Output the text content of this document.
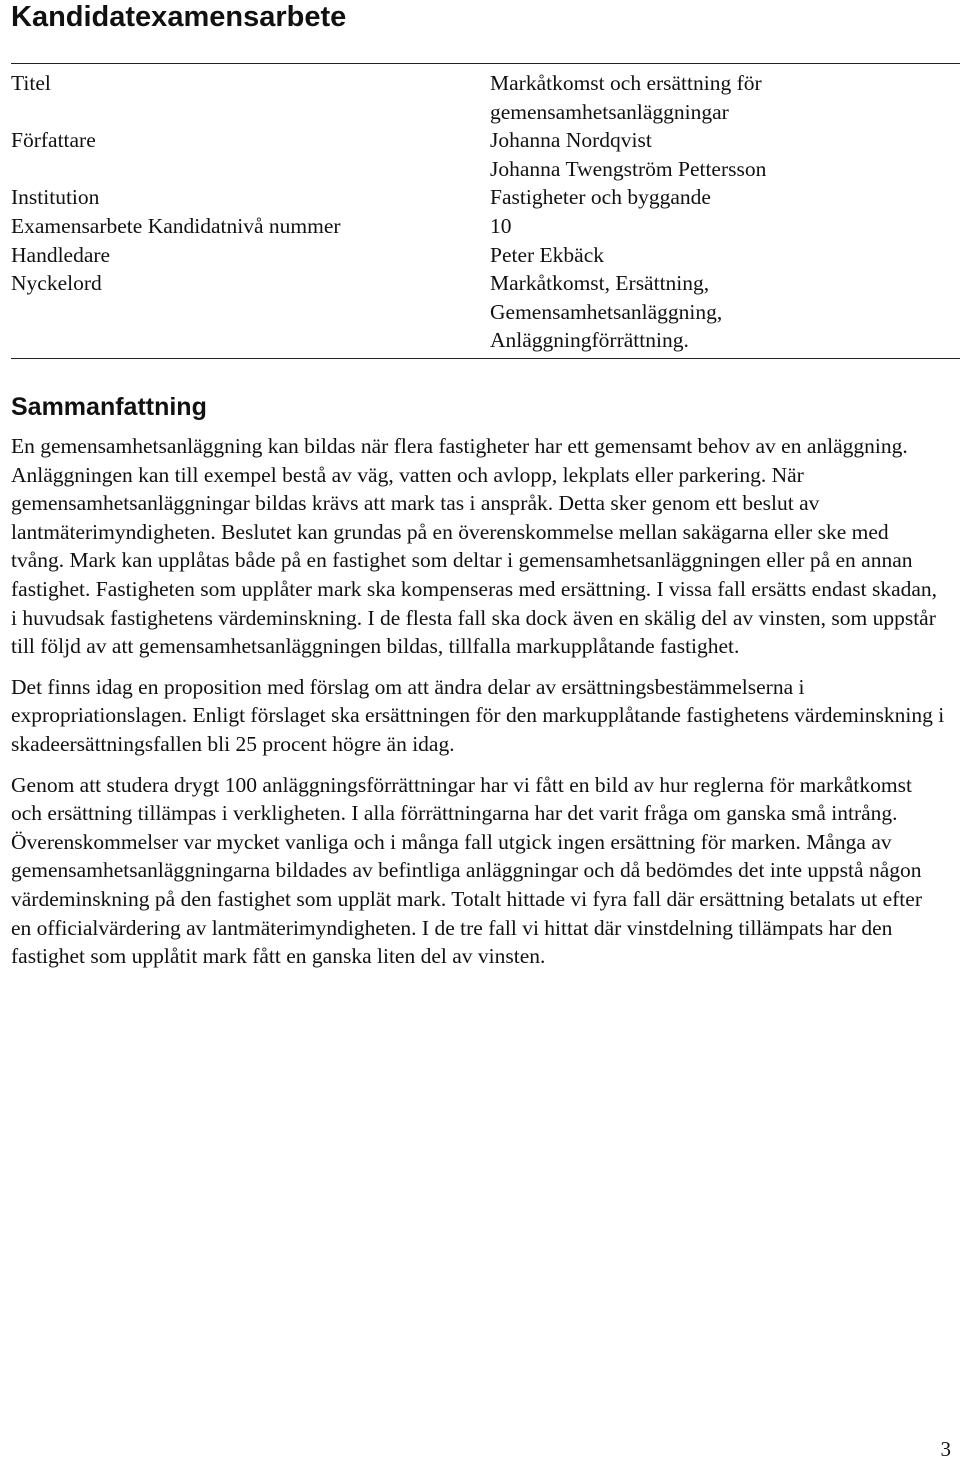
Kandidatexamensarbete
Titel	Markåtkomst och ersättning för
gemensamhetsanläggningar
Författare	Johanna Nordqvist
Johanna Twengström Pettersson
Institution	Fastigheter och byggande
Examensarbete Kandidatnivå nummer	10
Handledare	Peter Ekbäck
Nyckelord	Markåtkomst, Ersättning,
Gemensamhetsanläggning,
Anläggningförrättning.
Sammanfattning

En gemensamhetsanläggning kan bildas när flera fastigheter har ett gemensamt behov av en anläggning. Anläggningen kan till exempel bestå av väg, vatten och avlopp, lekplats eller parkering. När gemensamhetsanläggningar bildas krävs att mark tas i anspråk. Detta sker genom ett beslut av lantmäterimyndigheten. Beslutet kan grundas på en överenskommelse mellan sakägarna eller ske med tvång. Mark kan upplåtas både på en fastighet som deltar i gemensamhetsanläggningen eller på en annan fastighet. Fastigheten som upplåter mark ska kompenseras med ersättning. I vissa fall ersätts endast skadan, i huvudsak fastighetens värdeminskning. I de flesta fall ska dock även en skälig del av vinsten, som uppstår till följd av att gemensamhetsanläggningen bildas, tillfalla markupplåtande fastighet.

Det finns idag en proposition med förslag om att ändra delar av ersättningsbestämmelserna i expropriationslagen. Enligt förslaget ska ersättningen för den markupplåtande fastighetens värdeminskning i skadeersättningsfallen bli 25 procent högre än idag.

Genom att studera drygt 100 anläggningsförrättningar har vi fått en bild av hur reglerna för markåtkomst och ersättning tillämpas i verkligheten. I alla förrättningarna har det varit fråga om ganska små intrång. Överenskommelser var mycket vanliga och i många fall utgick ingen ersättning för marken. Många av gemensamhetsanläggningarna bildades av befintliga anläggningar och då bedömdes det inte uppstå någon värdeminskning på den fastighet som upplät mark. Totalt hittade vi fyra fall där ersättning betalats ut efter en officialvärdering av lantmäterimyndigheten. I de tre fall vi hittat där vinstdelning tillämpats har den fastighet som upplåtit mark fått en ganska liten del av vinsten.

3
